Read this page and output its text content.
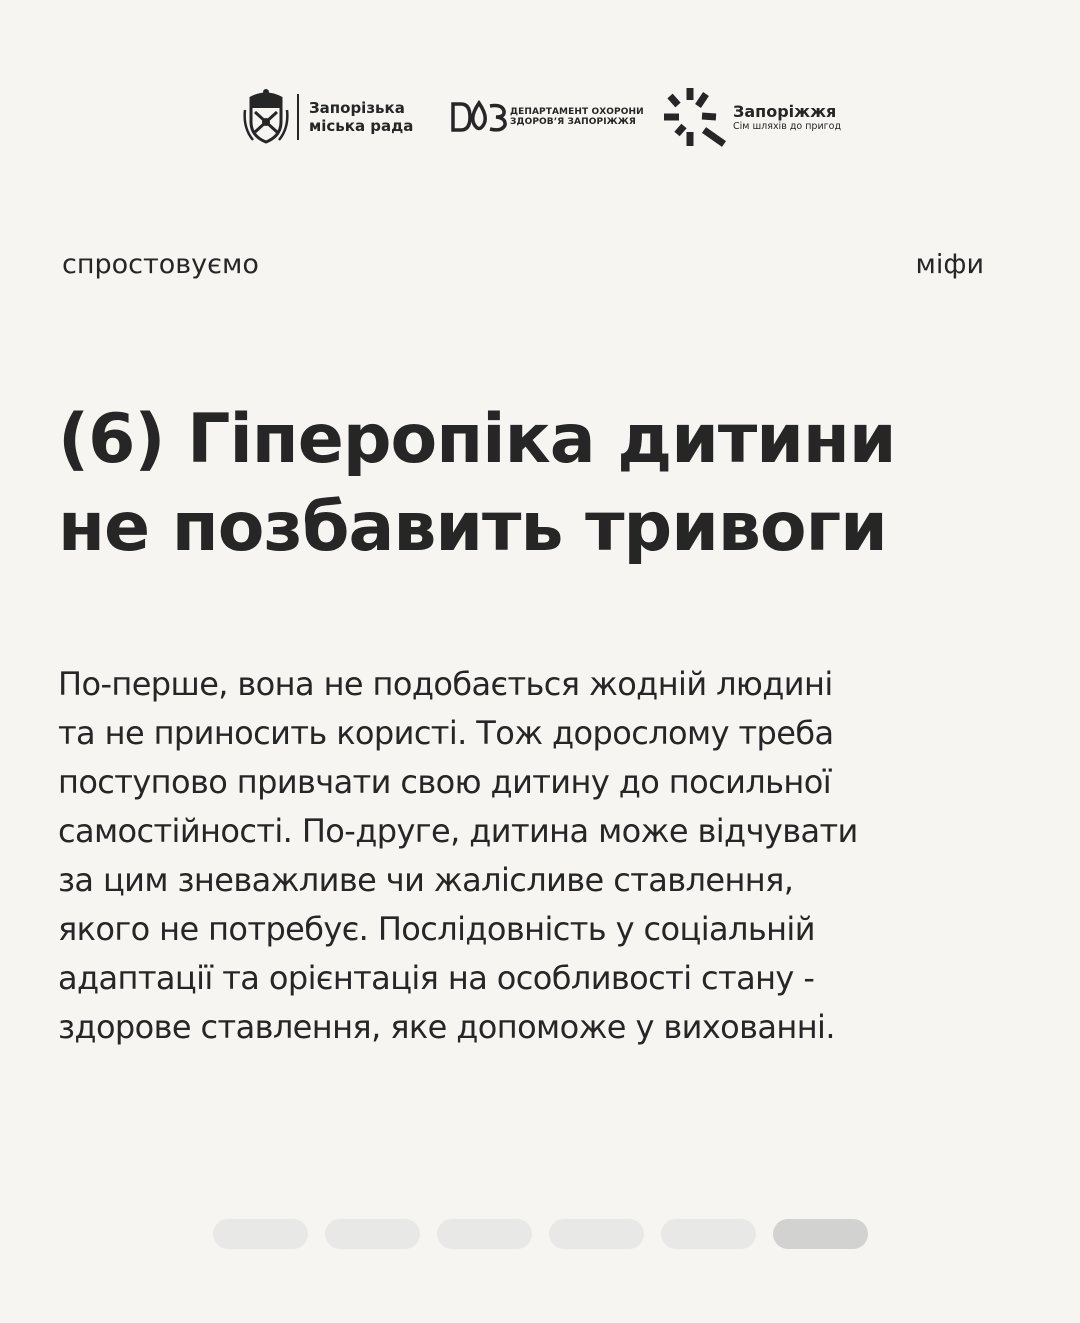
Запорізька
міська рада
ДЕПАРТАМЕНТ ОХОРОНИ
ЗДОРОВ’Я ЗАПОРІЖЖЯ
Запоріжжя
Сім шляхів до пригод
спростовуємо	міфи
(6) Гіперопіка дитини
не позбавить тривоги

По-перше, вона не подобається жодній людині
та не приносить користі. Тож дорослому треба
поступово привчати свою дитину до посильної
самостійності. По-друге, дитина може відчувати
за цим зневажливе чи жалісливе ставлення,
якого не потребує. Послідовність у соціальній
адаптації та орієнтація на особливості стану -
здорове ставлення, яке допоможе у вихованні.
